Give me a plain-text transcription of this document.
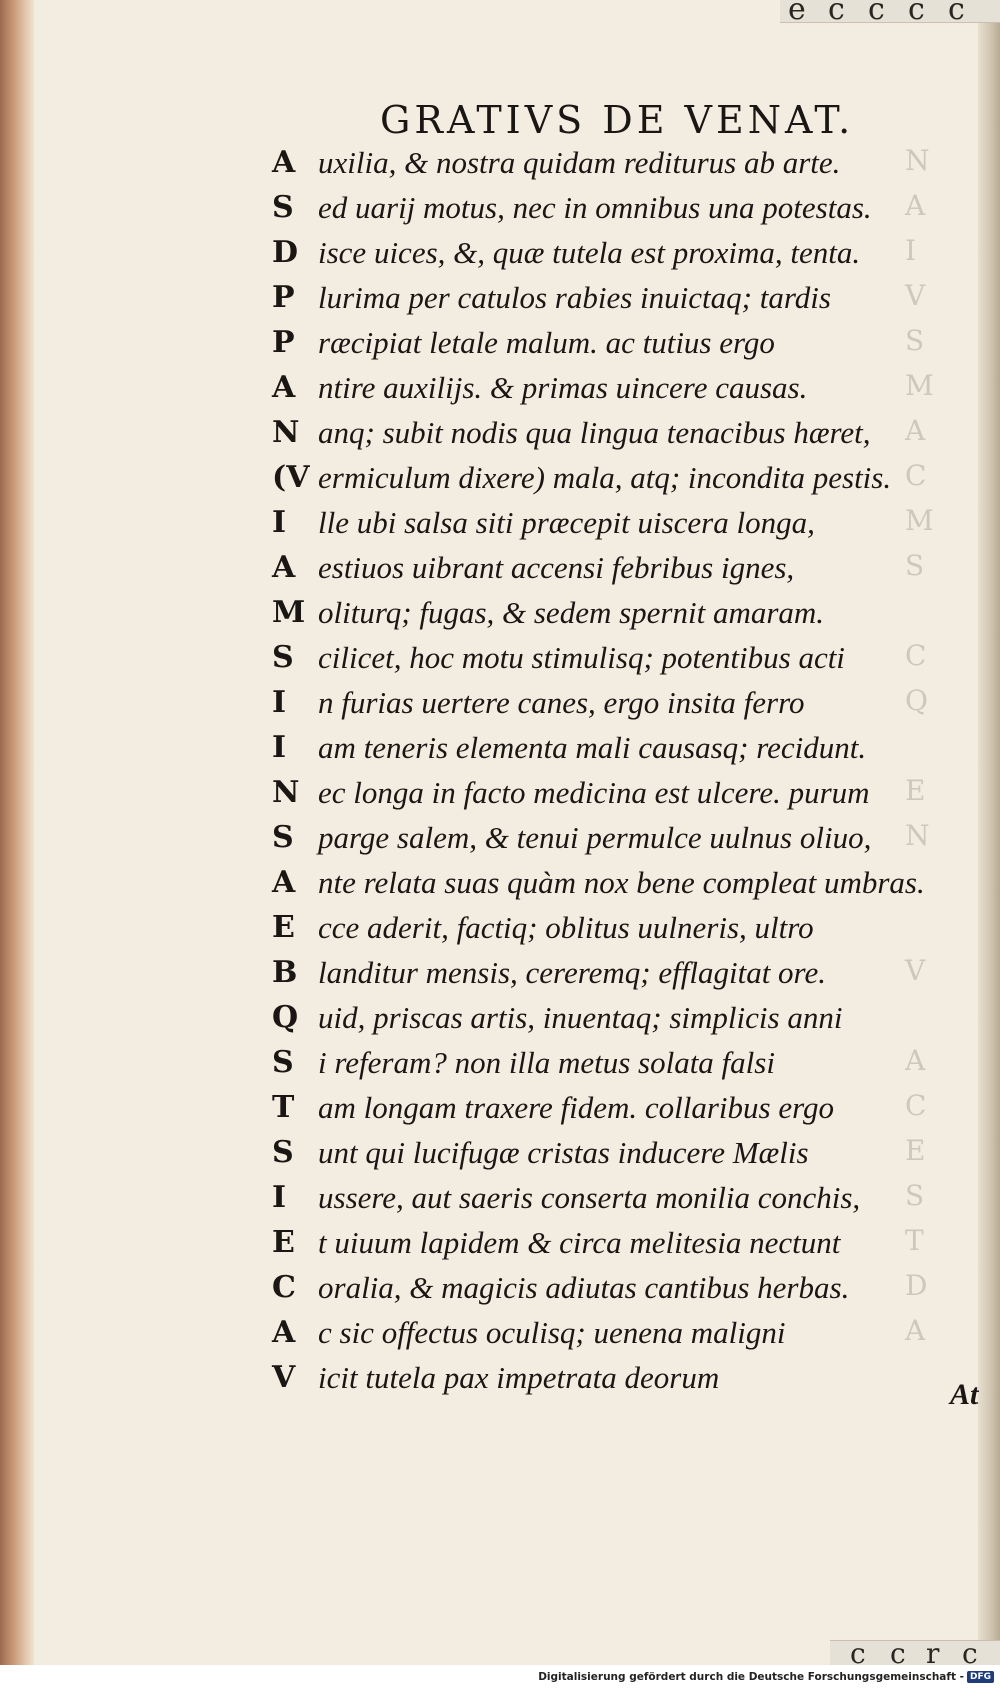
e c c c c
c c r c
N
A
I
V
S
M
A
C
M
S
C
Q
E
N
V
A
C
E
S
T
D
A
GRATIVS DE VENAT.
A uxilia, & nostra quidam rediturus ab arte.
S ed uarij motus, nec in omnibus una potestas.
D isce uices, &, quæ tutela est proxima, tenta.
P lurima per catulos rabies inuictaq; tardis
P ræcipiat letale malum. ac tutius ergo
A ntire auxilijs. & primas uincere causas.
N anq; subit nodis qua lingua tenacibus hæret,
(V ermiculum dixere) mala, atq; incondita pestis.
I	lle ubi salsa siti præcepit uiscera longa,
A estiuos uibrant accensi febribus ignes,
M oliturq; fugas, & sedem spernit amaram.
S cilicet, hoc motu stimulisq; potentibus acti
I	n furias uertere canes, ergo insita ferro
I	am teneris elementa mali causasq; recidunt.
N ec longa in facto medicina est ulcere. purum
S parge salem, & tenui permulce uulnus oliuo,
A nte relata suas quàm nox bene compleat umbras.
E cce aderit, factiq; oblitus uulneris, ultro
B landitur mensis, cereremq; efflagitat ore.
Q uid, priscas artis, inuentaq; simplicis anni
S i referam? non illa metus solata falsi
T am longam traxere fidem. collaribus ergo
S unt qui lucifugæ cristas inducere Mælis
I	ussere, aut saeris conserta monilia conchis,
E t uiuum lapidem & circa melitesia nectunt
C oralia, & magicis adiutas cantibus herbas.
A c sic offectus oculisq; uenena maligni
V icit tutela pax impetrata deorum	At
Digitalisierung gefördert durch die Deutsche Forschungsgemeinschaft - DFG
